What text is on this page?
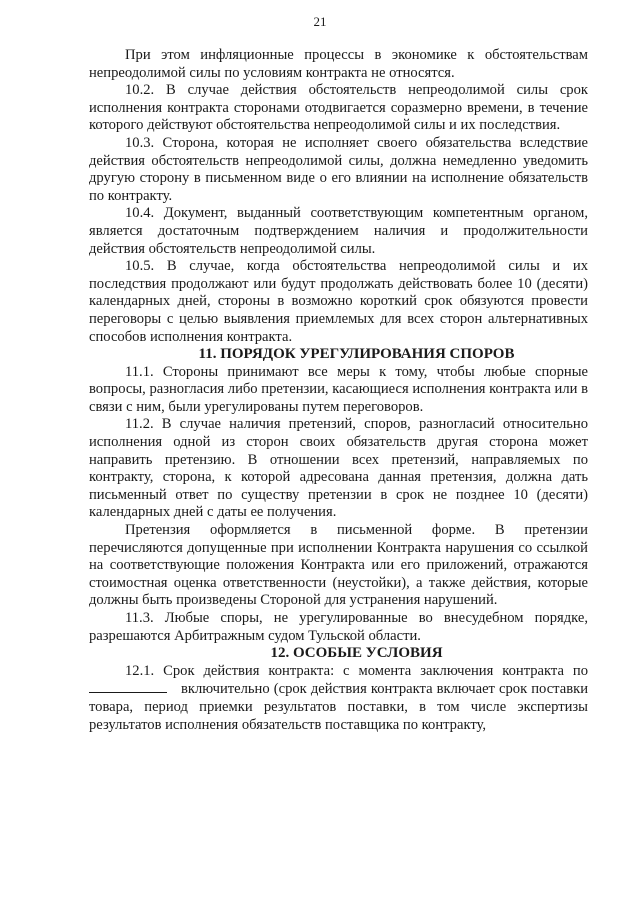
21

При этом инфляционные процессы в экономике к обстоятельствам непреодолимой силы по условиям контракта не относятся.

10.2. В случае действия обстоятельств непреодолимой силы срок исполнения контракта сторонами отодвигается соразмерно времени, в течение которого действуют обстоятельства непреодолимой силы и их последствия.

10.3. Сторона, которая не исполняет своего обязательства вследствие действия обстоятельств непреодолимой силы, должна немедленно уведомить другую сторону в письменном виде о его влиянии на исполнение обязательств по контракту.

10.4. Документ, выданный соответствующим компетентным органом, является достаточным подтверждением наличия и продолжительности действия обстоятельств непреодолимой силы.

10.5. В случае, когда обстоятельства непреодолимой силы и их последствия продолжают или будут продолжать действовать более 10 (десяти) календарных дней, стороны в возможно короткий срок обязуются провести переговоры с целью выявления приемлемых для всех сторон альтернативных способов исполнения контракта.

11. ПОРЯДОК УРЕГУЛИРОВАНИЯ СПОРОВ

11.1. Стороны принимают все меры к тому, чтобы любые спорные вопросы, разногласия либо претензии, касающиеся исполнения контракта или в связи с ним, были урегулированы путем переговоров.

11.2. В случае наличия претензий, споров, разногласий относительно исполнения одной из сторон своих обязательств другая сторона может направить претензию. В отношении всех претензий, направляемых по контракту, сторона, к которой адресована данная претензия, должна дать письменный ответ по существу претензии в срок не позднее 10 (десяти) календарных дней с даты ее получения.

Претензия оформляется в письменной форме. В претензии перечисляются допущенные при исполнении Контракта нарушения со ссылкой на соответствующие положения Контракта или его приложений, отражаются стоимостная оценка ответственности (неустойки), а также действия, которые должны быть произведены Стороной для устранения нарушений.

11.3. Любые споры, не урегулированные во внесудебном порядке, разрешаются Арбитражным судом Тульской области.

12. ОСОБЫЕ УСЛОВИЯ

12.1. Срок действия контракта: с момента заключения контракта по включительно (срок действия контракта включает срок поставки товара, период приемки результатов поставки, в том числе экспертизы результатов исполнения обязательств поставщика по контракту,
